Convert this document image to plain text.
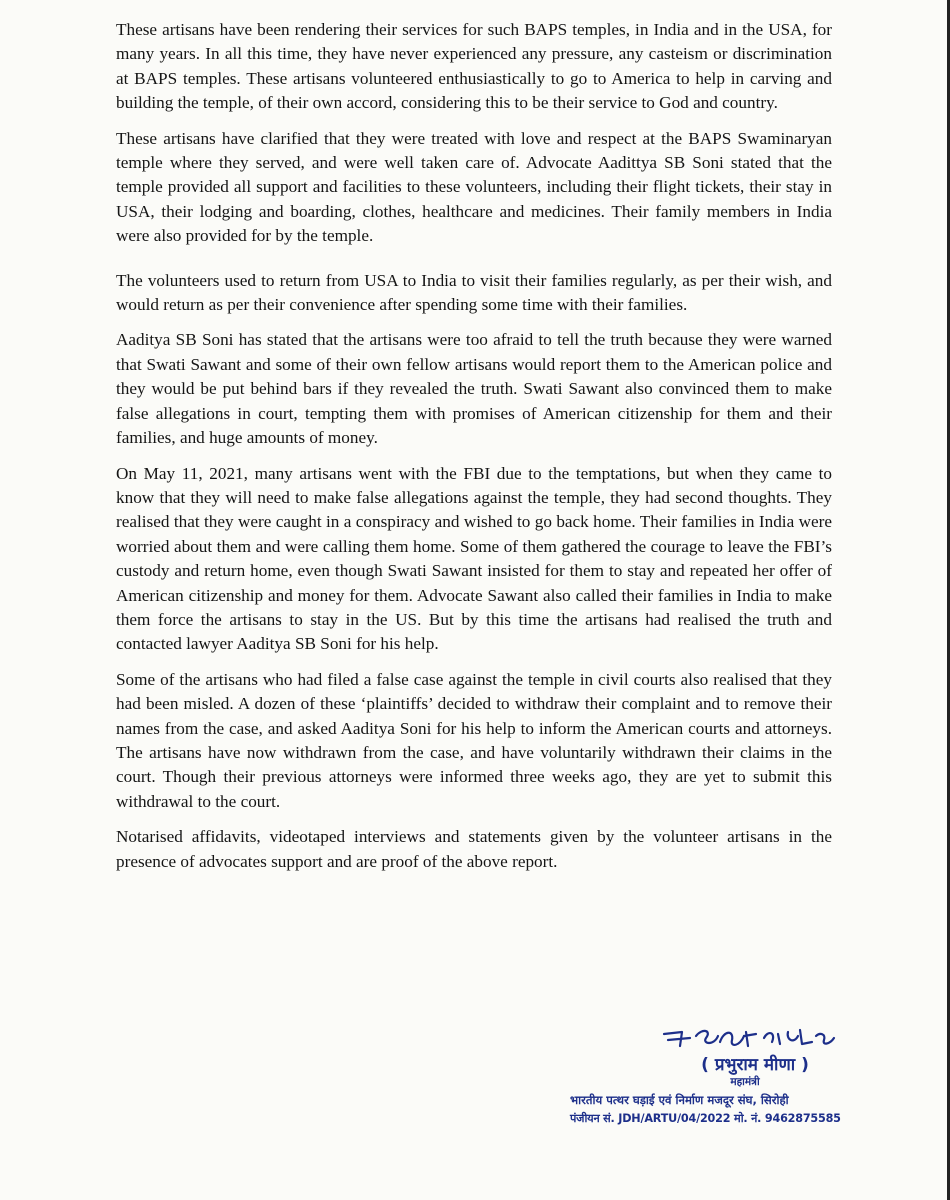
These artisans have been rendering their services for such BAPS temples, in India and in the USA, for many years. In all this time, they have never experienced any pressure, any casteism or discrimination at BAPS temples. These artisans volunteered enthusiastically to go to America to help in carving and building the temple, of their own accord, considering this to be their service to God and country.

These artisans have clarified that they were treated with love and respect at the BAPS Swaminaryan temple where they served, and were well taken care of. Advocate Aadittya SB Soni stated that the temple provided all support and facilities to these volunteers, including their flight tickets, their stay in USA, their lodging and boarding, clothes, healthcare and medicines. Their family members in India were also provided for by the temple.

The volunteers used to return from USA to India to visit their families regularly, as per their wish, and would return as per their convenience after spending some time with their families.

Aaditya SB Soni has stated that the artisans were too afraid to tell the truth because they were warned that Swati Sawant and some of their own fellow artisans would report them to the American police and they would be put behind bars if they revealed the truth. Swati Sawant also convinced them to make false allegations in court, tempting them with promises of American citizenship for them and their families, and huge amounts of money.

On May 11, 2021, many artisans went with the FBI due to the temptations, but when they came to know that they will need to make false allegations against the temple, they had second thoughts. They realised that they were caught in a conspiracy and wished to go back home. Their families in India were worried about them and were calling them home. Some of them gathered the courage to leave the FBI’s custody and return home, even though Swati Sawant insisted for them to stay and repeated her offer of American citizenship and money for them. Advocate Sawant also called their families in India to make them force the artisans to stay in the US. But by this time the artisans had realised the truth and contacted lawyer Aaditya SB Soni for his help.

Some of the artisans who had filed a false case against the temple in civil courts also realised that they had been misled. A dozen of these ‘plaintiffs’ decided to withdraw their complaint and to remove their names from the case, and asked Aaditya Soni for his help to inform the American courts and attorneys. The artisans have now withdrawn from the case, and have voluntarily withdrawn their claims in the court. Though their previous attorneys were informed three weeks ago, they are yet to submit this withdrawal to the court.

Notarised affidavits, videotaped interviews and statements given by the volunteer artisans in the presence of advocates support and are proof of the above report.

( प्रभुराम मीणा )
महामंत्री
भारतीय पत्थर घड़ाई एवं निर्माण मजदूर संघ, सिरोही
पंजीयन सं. JDH/ARTU/04/2022 मो. नं. 9462875585
